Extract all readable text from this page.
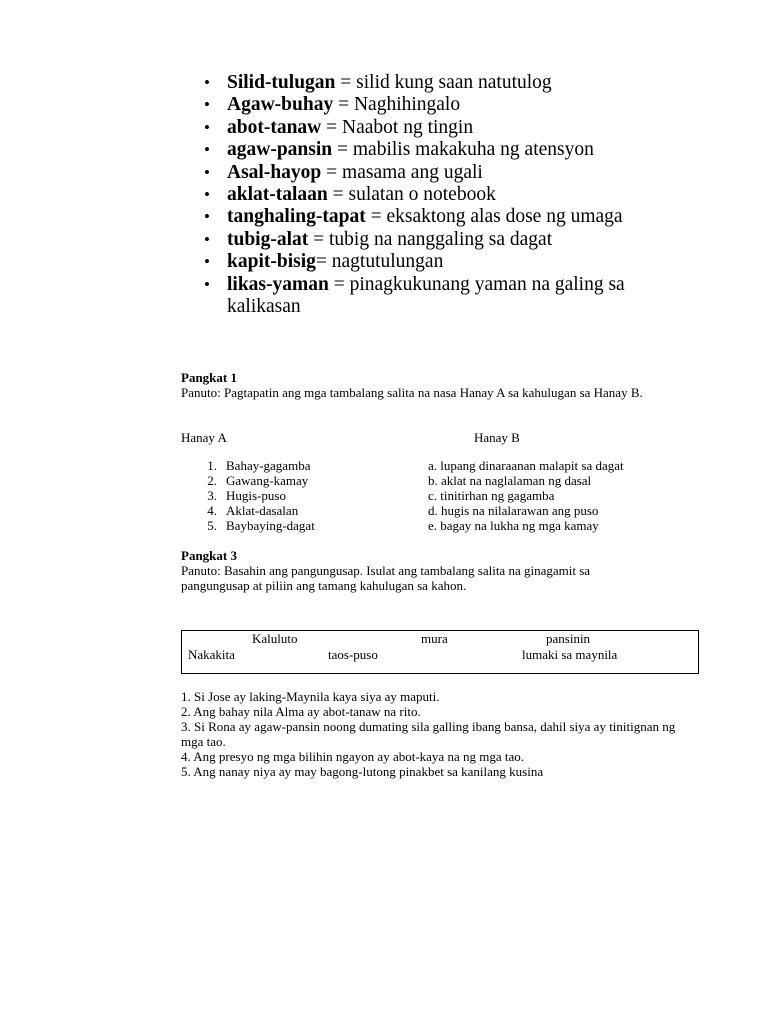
• Silid-tulugan = silid kung saan natutulog
• Agaw-buhay = Naghihingalo
• abot-tanaw = Naabot ng tingin
• agaw-pansin = mabilis makakuha ng atensyon
• Asal-hayop = masama ang ugali
• aklat-talaan = sulatan o notebook
• tanghaling-tapat = eksaktong alas dose ng umaga
• tubig-alat = tubig na nanggaling sa dagat
• kapit-bisig= nagtutulungan
• likas-yaman = pinagkukunang yaman na galing sa kalikasan
Pangkat 1
Panuto: Pagtapatin ang mga tambalang salita na nasa Hanay A sa kahulugan sa Hanay B.
Hanay A	Hanay B
1. Bahay-gagamba	a. lupang dinaraanan malapit sa dagat
2. Gawang-kamay	b. aklat na naglalaman ng dasal
3. Hugis-puso	c. tinitirhan ng gagamba
4. Aklat-dasalan	d. hugis na nilalarawan ang puso
5. Baybaying-dagat	e. bagay na lukha ng mga kamay
Pangkat 3
Panuto: Basahin ang pangungusap. Isulat ang tambalang salita na ginagamit sa pangungusap at piliin ang tamang kahulugan sa kahon.
Kaluluto	mura	pansinin
Nakakita	taos-puso	lumaki sa maynila
1. Si Jose ay laking-Maynila kaya siya ay maputi.
2. Ang bahay nila Alma ay abot-tanaw na rito.
3. Si Rona ay agaw-pansin noong dumating sila galling ibang bansa, dahil siya ay tinitignan ng mga tao.
4. Ang presyo ng mga bilihin ngayon ay abot-kaya na ng mga tao.
5. Ang nanay niya ay may bagong-lutong pinakbet sa kanilang kusina
